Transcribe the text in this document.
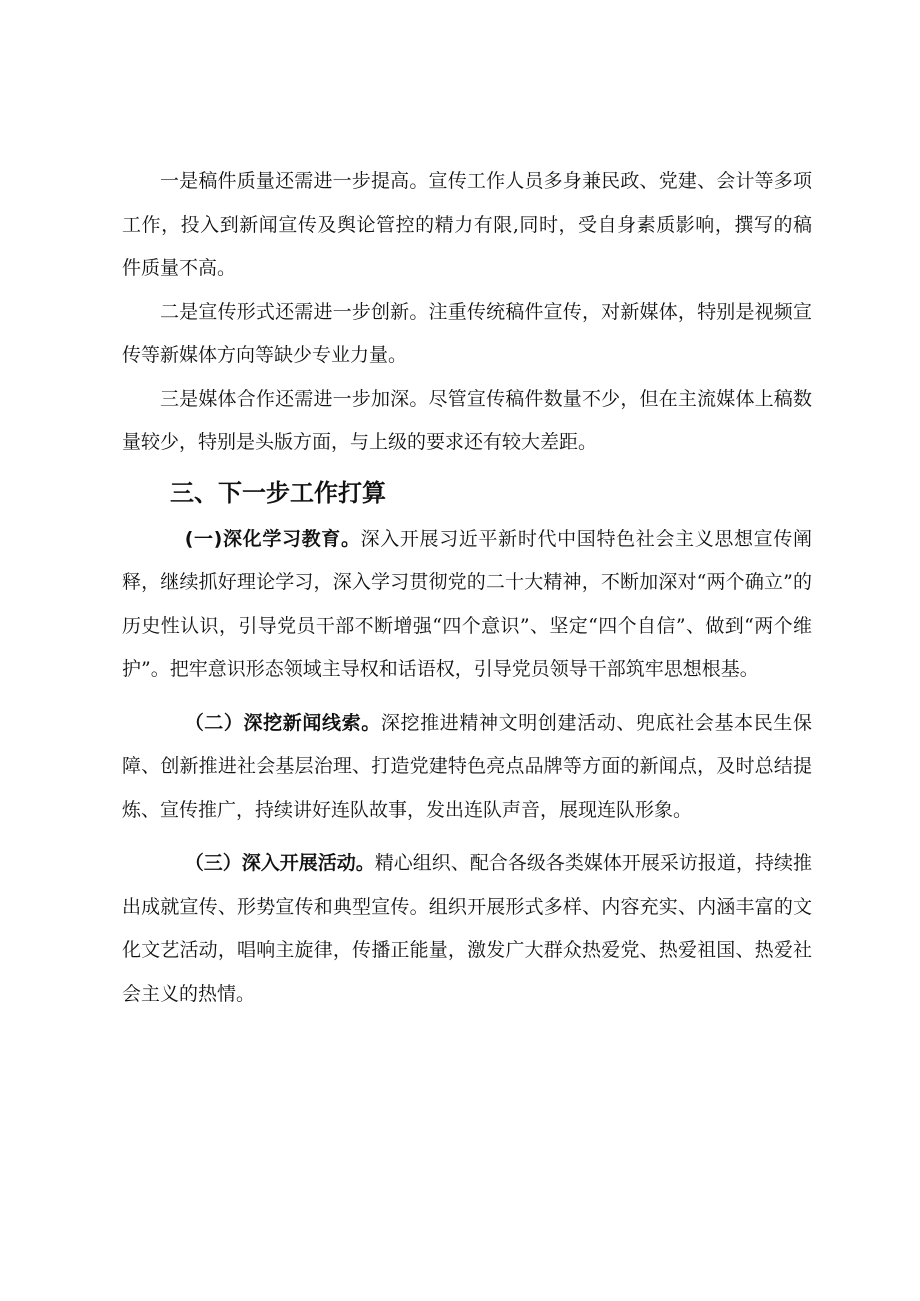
一是稿件质量还需进一步提高。宣传工作人员多身兼民政、党建、会计等多项工作，投入到新闻宣传及舆论管控的精力有限,同时，受自身素质影响，撰写的稿件质量不高。

二是宣传形式还需进一步创新。注重传统稿件宣传，对新媒体，特别是视频宣传等新媒体方向等缺少专业力量。

三是媒体合作还需进一步加深。尽管宣传稿件数量不少，但在主流媒体上稿数量较少，特别是头版方面，与上级的要求还有较大差距。

三、下一步工作打算

(一)深化学习教育。深入开展习近平新时代中国特色社会主义思想宣传阐释，继续抓好理论学习，深入学习贯彻党的二十大精神，不断加深对“两个确立”的历史性认识，引导党员干部不断增强“四个意识”、坚定“四个自信”、做到“两个维护”。把牢意识形态领域主导权和话语权，引导党员领导干部筑牢思想根基。

（二）深挖新闻线索。深挖推进精神文明创建活动、兜底社会基本民生保障、创新推进社会基层治理、打造党建特色亮点品牌等方面的新闻点，及时总结提炼、宣传推广，持续讲好连队故事，发出连队声音，展现连队形象。

（三）深入开展活动。精心组织、配合各级各类媒体开展采访报道，持续推出成就宣传、形势宣传和典型宣传。组织开展形式多样、内容充实、内涵丰富的文化文艺活动，唱响主旋律，传播正能量，激发广大群众热爱党、热爱祖国、热爱社会主义的热情。
